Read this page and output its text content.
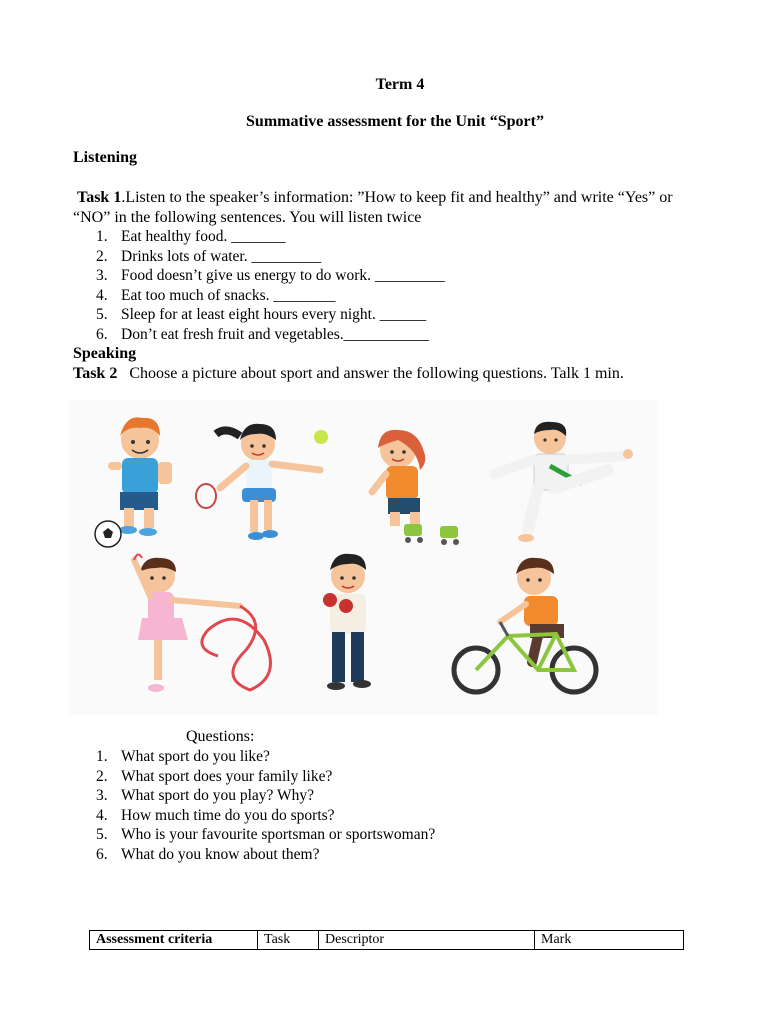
Term 4
Summative assessment for the Unit “Sport”
Listening
Task 1.Listen to the speaker’s information: ”How to keep fit and healthy” and write “Yes” or “NO” in the following sentences. You will listen twice
1. Eat healthy food. _______
2. Drinks lots of water. _________
3. Food doesn’t give us energy to do work. _________
4. Eat too much of snacks. ________
5. Sleep for at least eight hours every night. ______
6. Don’t eat fresh fruit and vegetables.___________
Speaking
Task 2 Choose a picture about sport and answer the following questions. Talk 1 min.
Questions:
1. What sport do you like?
2. What sport does your family like?
3. What sport do you play? Why?
4. How much time do you do sports?
5. Who is your favourite sportsman or sportswoman?
6. What do you know about them?
Assessment criteria	Task	Descriptor	Mark
